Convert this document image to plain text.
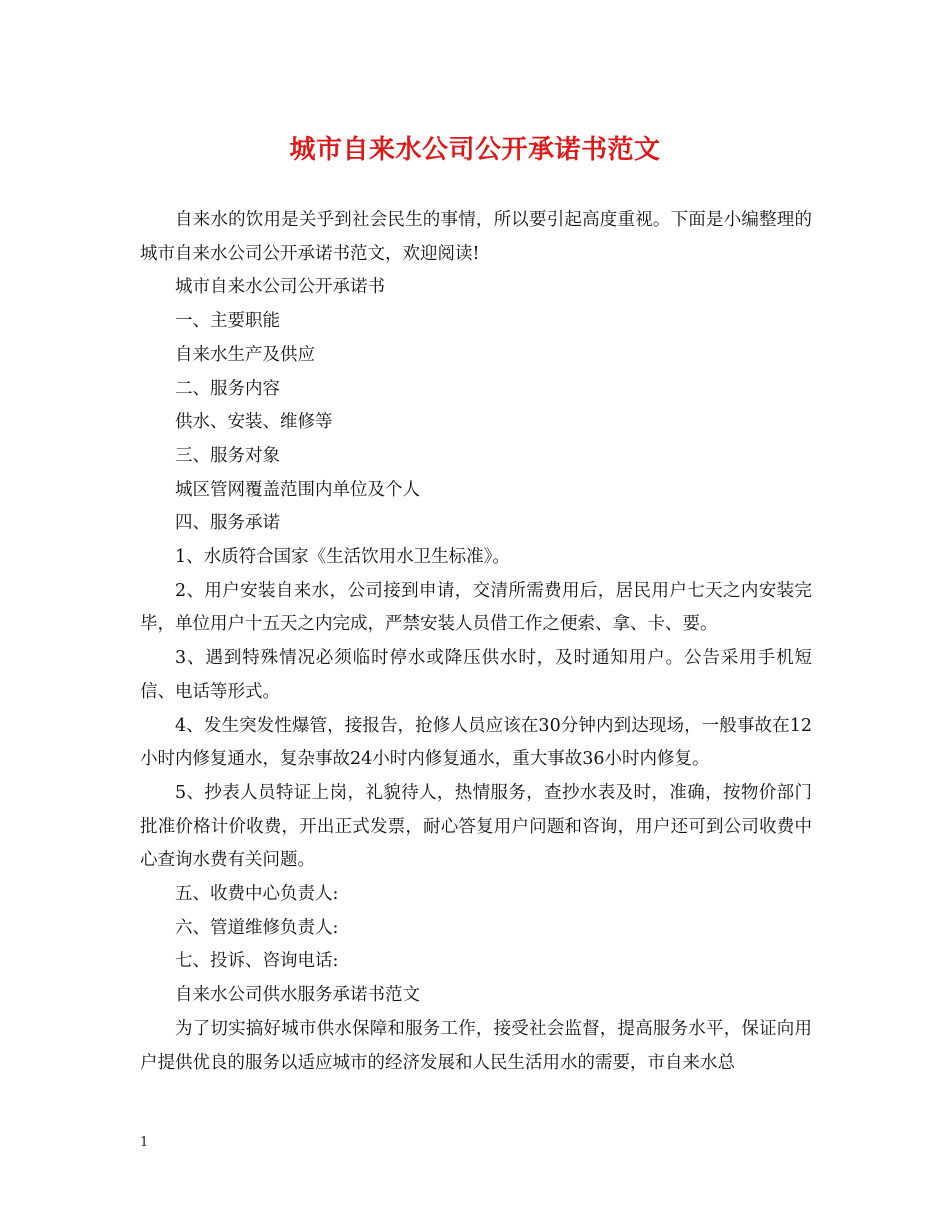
城市自来水公司公开承诺书范文

自来水的饮用是关乎到社会民生的事情，所以要引起高度重视。下面是小编整理的城市自来水公司公开承诺书范文，欢迎阅读!

城市自来水公司公开承诺书

一、主要职能

自来水生产及供应

二、服务内容

供水、安装、维修等

三、服务对象

城区管网覆盖范围内单位及个人

四、服务承诺

1、水质符合国家《生活饮用水卫生标准》。

2、用户安装自来水，公司接到申请，交清所需费用后，居民用户七天之内安装完毕，单位用户十五天之内完成，严禁安装人员借工作之便索、拿、卡、要。

3、遇到特殊情况必须临时停水或降压供水时，及时通知用户。公告采用手机短信、电话等形式。

4、发生突发性爆管，接报告，抢修人员应该在30分钟内到达现场，一般事故在12小时内修复通水，复杂事故24小时内修复通水，重大事故36小时内修复。

5、抄表人员特证上岗，礼貌待人，热情服务，查抄水表及时，准确，按物价部门批准价格计价收费，开出正式发票，耐心答复用户问题和咨询，用户还可到公司收费中心查询水费有关问题。

五、收费中心负责人:

六、管道维修负责人:

七、投诉、咨询电话:

自来水公司供水服务承诺书范文

为了切实搞好城市供水保障和服务工作，接受社会监督，提高服务水平，保证向用户提供优良的服务以适应城市的经济发展和人民生活用水的需要，市自来水总

1
